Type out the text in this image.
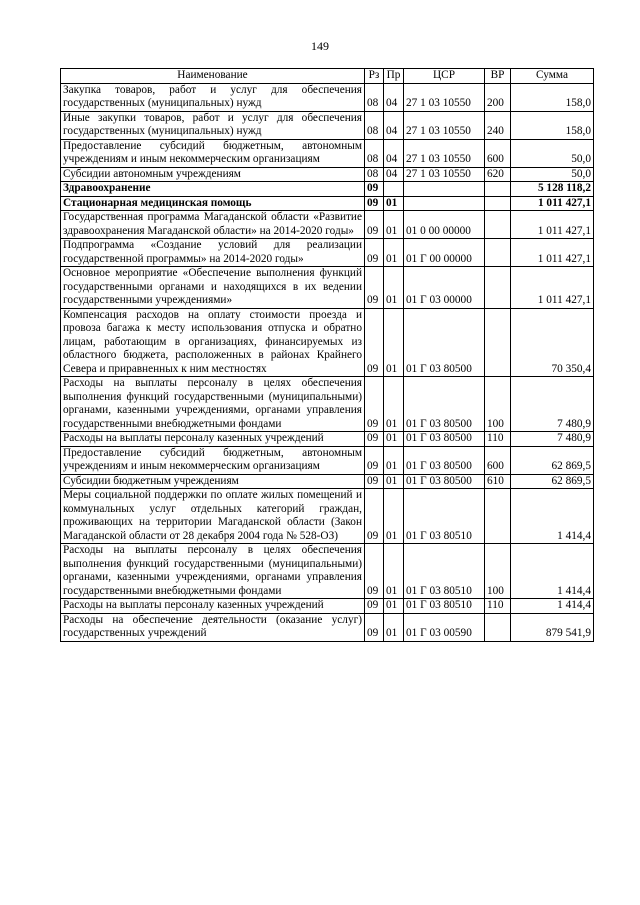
149
Наименование	Рз	Пр	ЦСР	ВР	Сумма
Закупка товаров, работ и услуг для обеспечения государственных (муниципальных) нужд	08	04	27 1 03 10550	200	158,0
Иные закупки товаров, работ и услуг для обеспечения государственных (муниципальных) нужд	08	04	27 1 03 10550	240	158,0
Предоставление субсидий бюджетным, автономным учреждениям и иным некоммерческим организациям	08	04	27 1 03 10550	600	50,0
Субсидии автономным учреждениям	08	04	27 1 03 10550	620	50,0
Здравоохранение	09				5 128 118,2
Стационарная медицинская помощь	09	01			1 011 427,1
Государственная программа Магаданской области «Развитие здравоохранения Магаданской области» на 2014-2020 годы»	09	01	01 0 00 00000		1 011 427,1
Подпрограмма «Создание условий для реализации государственной программы» на 2014-2020 годы»	09	01	01 Г 00 00000		1 011 427,1
Основное мероприятие «Обеспечение выполнения функций государственными органами и находящихся в их ведении государственными учреждениями»	09	01	01 Г 03 00000		1 011 427,1
Компенсация расходов на оплату стоимости проезда и провоза багажа к месту использования отпуска и обратно лицам, работающим в организациях, финансируемых из областного бюджета, расположенных в районах Крайнего Севера и приравненных к ним местностях	09	01	01 Г 03 80500		70 350,4
Расходы на выплаты персоналу в целях обеспечения выполнения функций государственными (муниципальными) органами, казенными учреждениями, органами управления государственными внебюджетными фондами	09	01	01 Г 03 80500	100	7 480,9
Расходы на выплаты персоналу казенных учреждений	09	01	01 Г 03 80500	110	7 480,9
Предоставление субсидий бюджетным, автономным учреждениям и иным некоммерческим организациям	09	01	01 Г 03 80500	600	62 869,5
Субсидии бюджетным учреждениям	09	01	01 Г 03 80500	610	62 869,5
Меры социальной поддержки по оплате жилых помещений и коммунальных услуг отдельных категорий граждан, проживающих на территории Магаданской области (Закон Магаданской области от 28 декабря 2004 года № 528-ОЗ)	09	01	01 Г 03 80510		1 414,4
Расходы на выплаты персоналу в целях обеспечения выполнения функций государственными (муниципальными) органами, казенными учреждениями, органами управления государственными внебюджетными фондами	09	01	01 Г 03 80510	100	1 414,4
Расходы на выплаты персоналу казенных учреждений	09	01	01 Г 03 80510	110	1 414,4
Расходы на обеспечение деятельности (оказание услуг) государственных учреждений	09	01	01 Г 03 00590		879 541,9
